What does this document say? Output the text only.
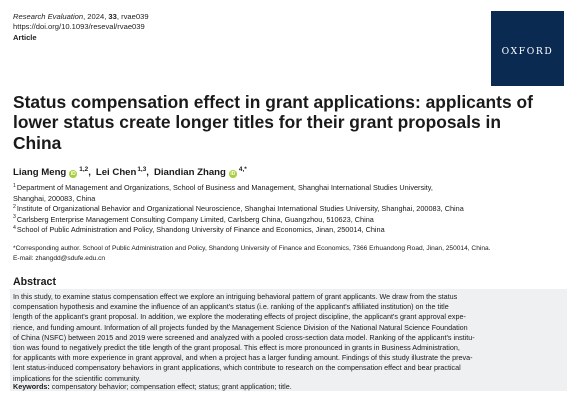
Research Evaluation, 2024, 33, rvae039
https://doi.org/10.1093/reseval/rvae039
Article
OXFORD
Status compensation effect in grant applications: applicants of lower status create longer titles for their grant proposals in China
Liang Meng iD
1,2 , Lei Chen 1,3 , Diandian Zhang iD
4,*
1 Department of Management and Organizations, School of Business and Management, Shanghai International Studies University,
Shanghai, 200083, China
2 Institute of Organizational Behavior and Organizational Neuroscience, Shanghai International Studies University, Shanghai, 200083, China
3 Carlsberg Enterprise Management Consulting Company Limited, Carlsberg China, Guangzhou, 510623, China
4 School of Public Administration and Policy, Shandong University of Finance and Economics, Jinan, 250014, China
*Corresponding author. School of Public Administration and Policy, Shandong University of Finance and Economics, 7366 Erhuandong Road, Jinan, 250014, China.
E-mail: zhangdd@sdufe.edu.cn
Abstract
In this study, to examine status compensation effect we explore an intriguing behavioral pattern of grant applicants. We draw from the status
compensation hypothesis and examine the influence of an applicant's status (i.e. ranking of the applicant's affiliated institution) on the title
length of the applicant's grant proposal. In addition, we explore the moderating effects of project discipline, the applicant's grant approval expe-
rience, and funding amount. Information of all projects funded by the Management Science Division of the National Natural Science Foundation
of China (NSFC) between 2015 and 2019 were screened and analyzed with a pooled cross-section data model. Ranking of the applicant's institu-
tion was found to negatively predict the title length of the grant proposal. This effect is more pronounced in grants in Business Administration,
for applicants with more experience in grant approval, and when a project has a larger funding amount. Findings of this study illustrate the preva-
lent status-induced compensatory behaviors in grant applications, which contribute to research on the compensation effect and bear practical
implications for the scientific community.
Keywords: compensatory behavior; compensation effect; status; grant application; title.
